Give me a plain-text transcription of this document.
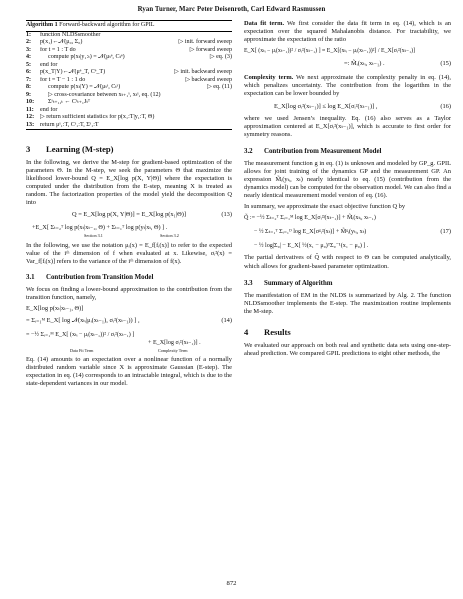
Ryan Turner, Marc Peter Deisenroth, Carl Edward Rasmussen
Algorithm 1 Forward-backward algorithm for GPIL
1:	function NLDSsmoother
2:	p(x₁)←𝒩(μ₀, Σ₀)	▷ init. forward sweep
3:	for t = 1 : T do	▷ forward sweep
4:	compute p(xₜ|y₁:ₜ) = 𝒩(μₜᵉ, Cₜᵉ)	▷ eq. (3)
5:	end for
6:	p(x_T|Y)←𝒩(μᵉ_T, Cᵉ_T)	▷ init. backward sweep
7:	for t = T − 1 : 1 do	▷ backward sweep
8:	compute p(xₜ|Y) = 𝒩(μₜˢ, Cₜˢ)	▷ eq. (11)
9:	▷ cross-covariance between xₜ₊₁ˢ, xₜˢ, eq. (12)
10:	Σˢₜ₊₁,ₜ ← Cˢₜ₊₁Jₜᵀ
11:	end for
12: ▷ return sufficient statistics for p(x₁:T|y₁:T, Θ)
13: return μˢ₁:T, Cˢ₁:T, Σˢ₁:T
3	Learning (M-step)

In the following, we derive the M-step for gradient-based optimization of the parameters Θ. In the M-step, we seek the parameters Θ that maximize the likelihood lower-bound Q = E_X[log p(X, Y|Θ)] where the expectation is computed under the distribution from the E-step, meaning X is treated as random. The factorization properties of the model yield the decomposition Q into

Q = E_X[log p(X, Y|Θ)] = E_X[log p(x₁|Θ)]	(13)
+E_X[ Σₜ₌₂ᵀ log p(xₜ|xₜ₋₁, Θ) + Σₜ₌₁ᵀ log p(yₜ|xₜ, Θ) ] .
Section 3.1	Section 3.2

In the following, we use the notation μᵢ(x) = E_f[fᵢ(x)] to refer to the expected value of the iᵗʰ dimension of f when evaluated at x. Likewise, σᵢ²(x) = Var_f[fᵢ(x)] refers to the variance of the iᵗʰ dimension of f(x).

3.1	Contribution from Transition Model

We focus on finding a lower-bound approximation to the contribution from the transition function, namely,

E_X[log p(xₜ|xₜ₋₁, Θ)]
= Σᵢ₌₁ᴹ E_X[ log 𝒩(xₜᵢ|μᵢ(xₜ₋₁), σᵢ²(xₜ₋₁)) ] ,	(14)
= −½ Σᵢ₌₁ᴹ E_X[ (xₜᵢ − μᵢ(xₜ₋₁))² / σᵢ²(xₜ₋₁) ]
+ E_X[log σᵢ²(xₜ₋₁)] .
Data Fit Term	Complexity Term

Eq. (14) amounts to an expectation over a nonlinear function of a normally distributed random variable since X is approximate Gaussian (E-step). The expectation in eq. (14) corresponds to an intractable integral, which is due to the state-dependent variances in our model.

Data fit term. We first consider the data fit term in eq. (14), which is an expectation over the squared Mahalanobis distance. For tractability, we approximate the expectation of the ratio

E_X[ (xₜᵢ − μᵢ(xₜ₋₁))² / σᵢ²(xₜ₋₁) ] ≈ E_X[(xₜᵢ − μᵢ(xₜ₋₁))²] / E_X[σᵢ²(xₜ₋₁)]
=: M̃ᵢ(xₜᵢ, xₜ₋₁) .	(15)

Complexity term. We next approximate the complexity penalty in eq. (14), which penalizes uncertainty. The contribution from the logarithm in the expectation can be lower bounded by

E_X[log σᵢ²(xₜ₋₁)] ≤ log E_X[σᵢ²(xₜ₋₁)] ,	(16)

where we used Jensen’s inequality. Eq. (16) also serves as a Taylor approximation centered at E_X[σᵢ²(xₜ₋₁)], which is accurate to first order for symmetry reasons.

3.2	Contribution from Measurement Model

The measurement function g in eq. (1) is unknown and modeled by GP_g. GPIL allows for joint training of the dynamics GP and the measurement GP. An expression M̃ᵢ(yₜᵢ, xₜ) nearly identical to eq. (15) (contribution from the dynamics model) can be computed for the observation model. We can also find a nearly identical measurement model version of eq. (16).

In summary, we approximate the exact objective function Q by

Q̃ := −½ Σₜ₌₂ᵀ Σᵢ₌₁ᴹ log E_X[σᵢ²ʲ(xₜ₋₁)] + M̃ᵢ(xₜᵢ, xₜ₋₁)
− ½ Σₜ₌₁ᵀ Σᵢ₌₁ᴰ log E_X[σᵍᵢ²(xₜ)] + M̃ᵍᵢ(yₜᵢ, xₜ)	(17)
− ½ log|Σ₀| − E_X[ ½(x₁ − μ₀)ᵀΣ₀⁻¹(x₁ − μ₀) ] .

The partial derivatives of Q̃ with respect to Θ can be computed analytically, which allows for gradient-based parameter optimization.

3.3	Summary of Algorithm

The manifestation of EM in the NLDS is summarized by Alg. 2. The function NLDSsmoother implements the E-step. The maximization routine implements the M-step.

4	Results

We evaluated our approach on both real and synthetic data sets using one-step-ahead prediction. We compared GPIL predictions to eight other methods, the

872
